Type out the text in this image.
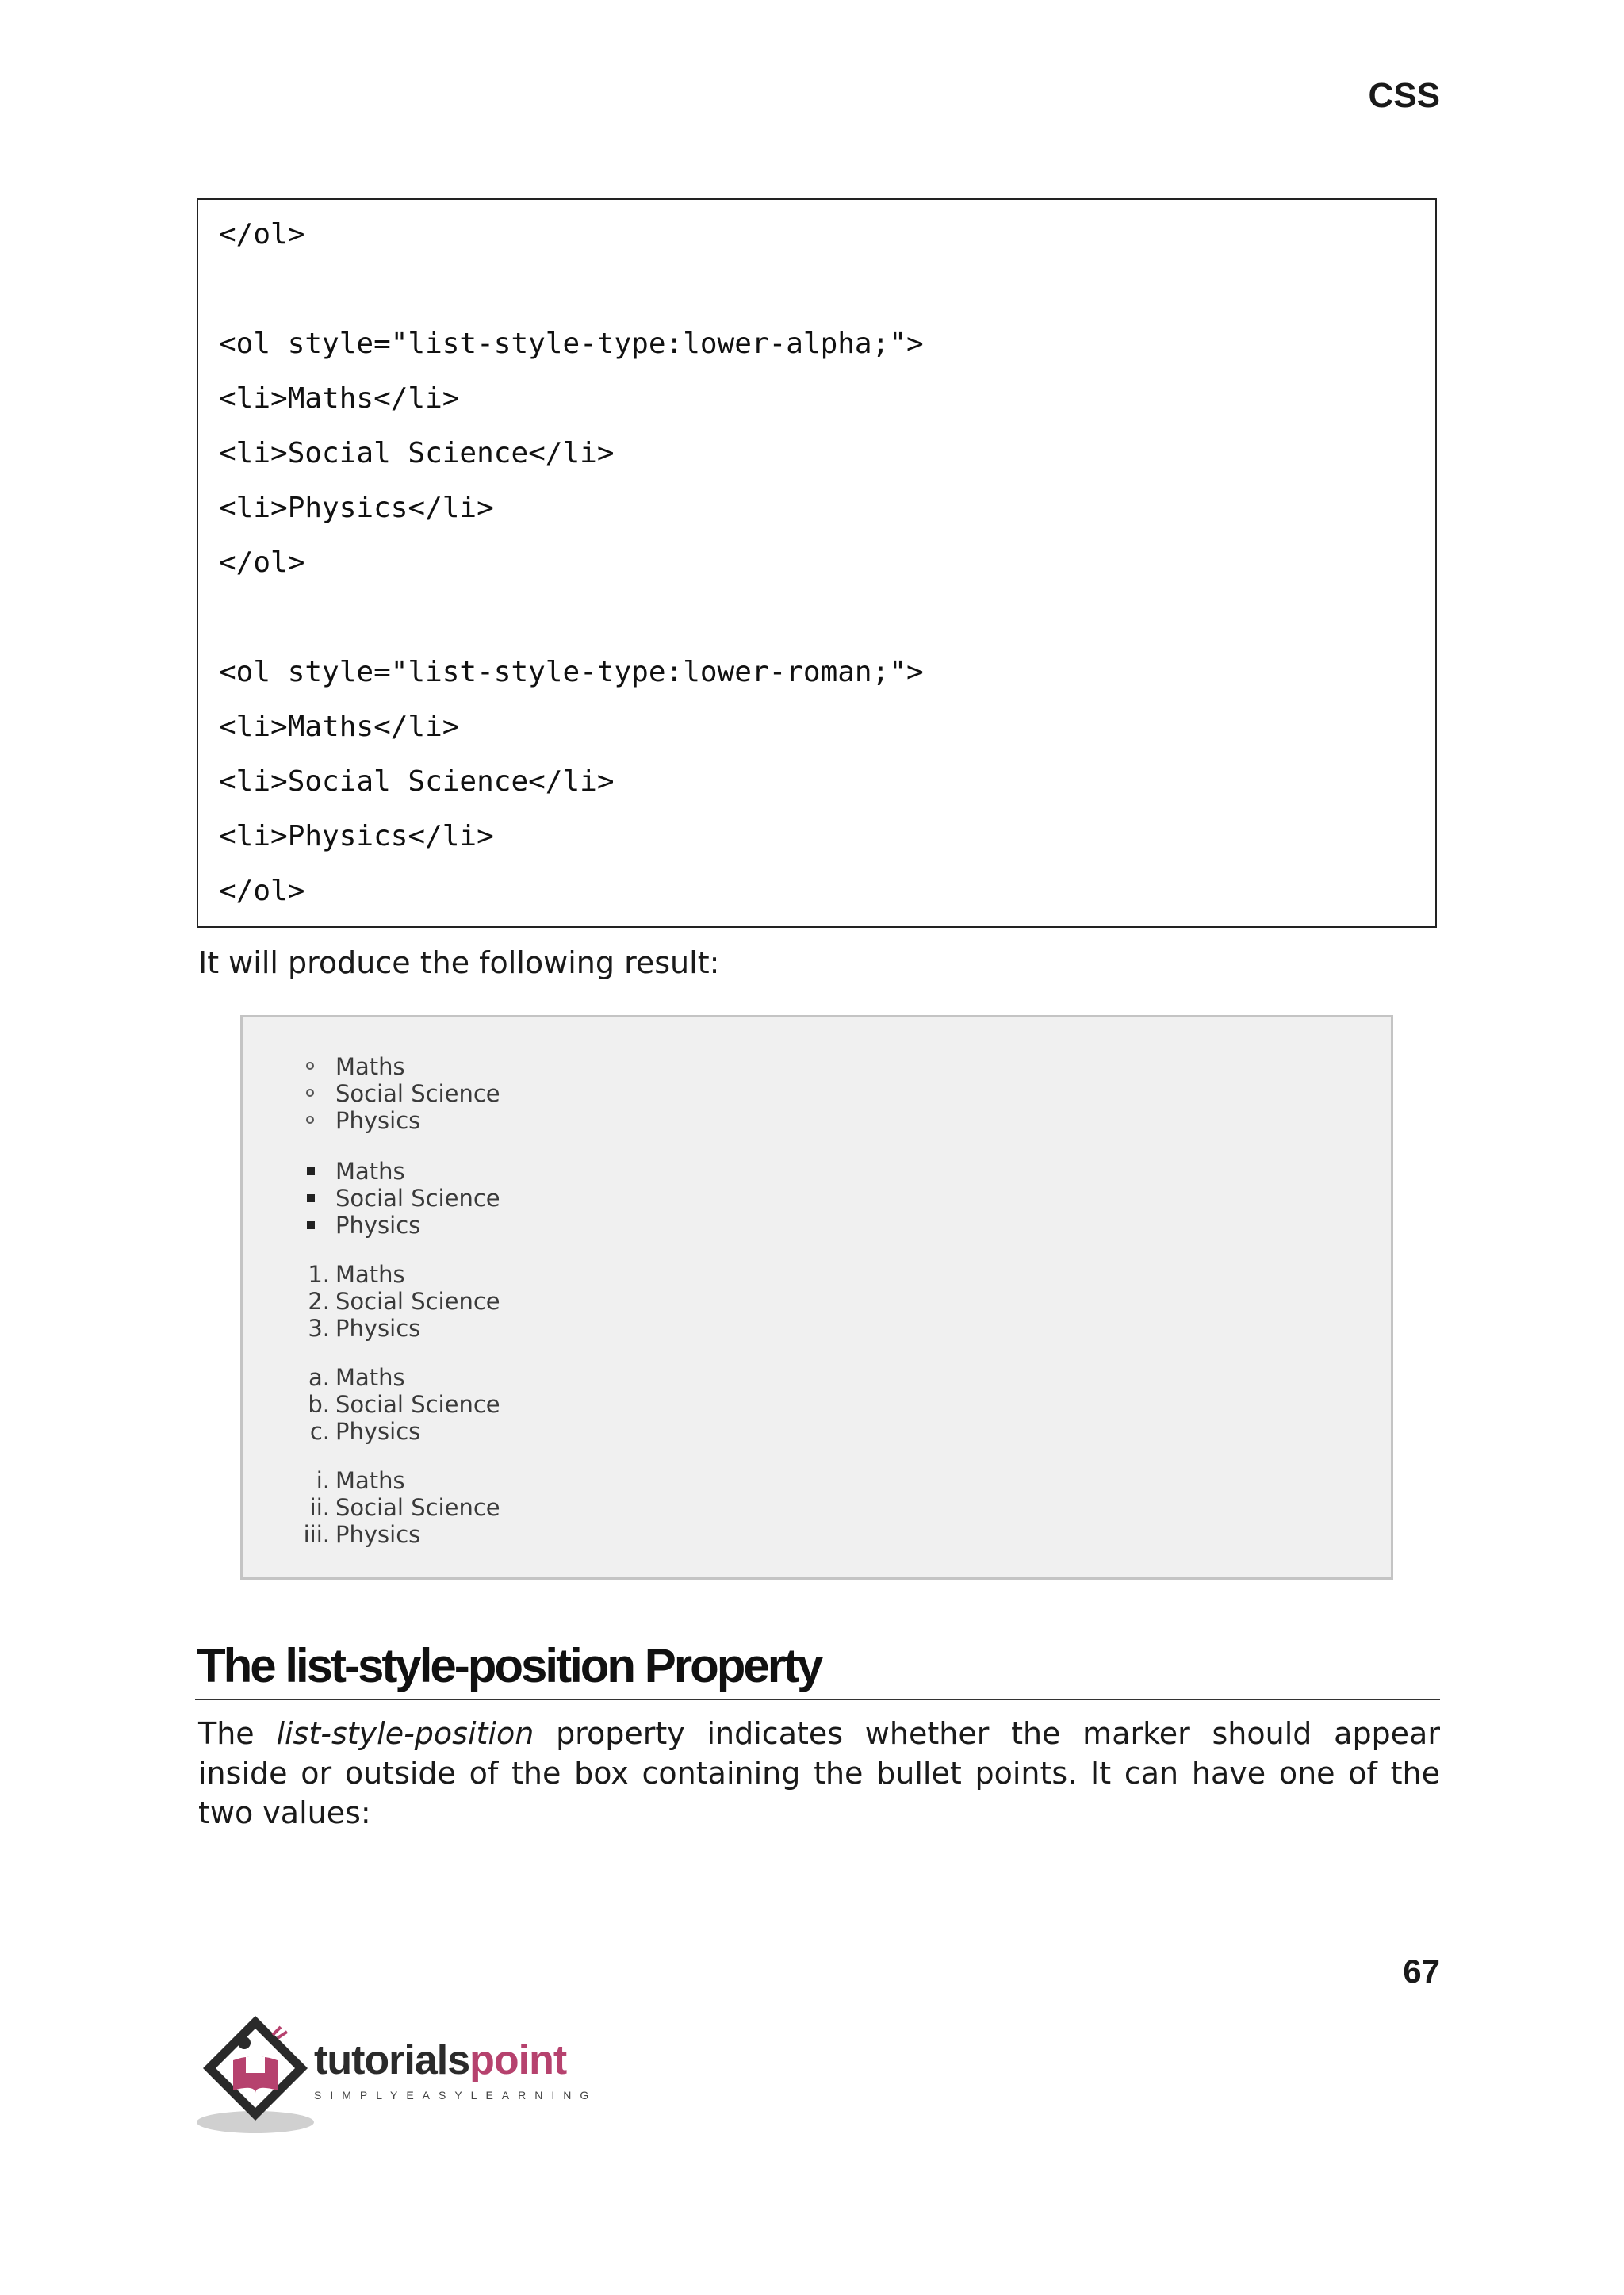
CSS
</ol>
<ol style="list-style-type:lower-alpha;">
<li>Maths</li>
<li>Social Science</li>
<li>Physics</li>
</ol>
<ol style="list-style-type:lower-roman;">
<li>Maths</li>
<li>Social Science</li>
<li>Physics</li>
</ol>
It will produce the following result:
Maths
Social Science
Physics
Maths
Social Science
Physics
1. Maths
2. Social Science
3. Physics
a. Maths
b. Social Science
c. Physics
i. Maths
ii. Social Science
iii. Physics
The list-style-position Property
The list-style-position property indicates whether the marker should appear
inside or outside of the box containing the bullet points. It can have one of the
two values:
67
tutorialspoint
SIMPLYEASYLEARNING
